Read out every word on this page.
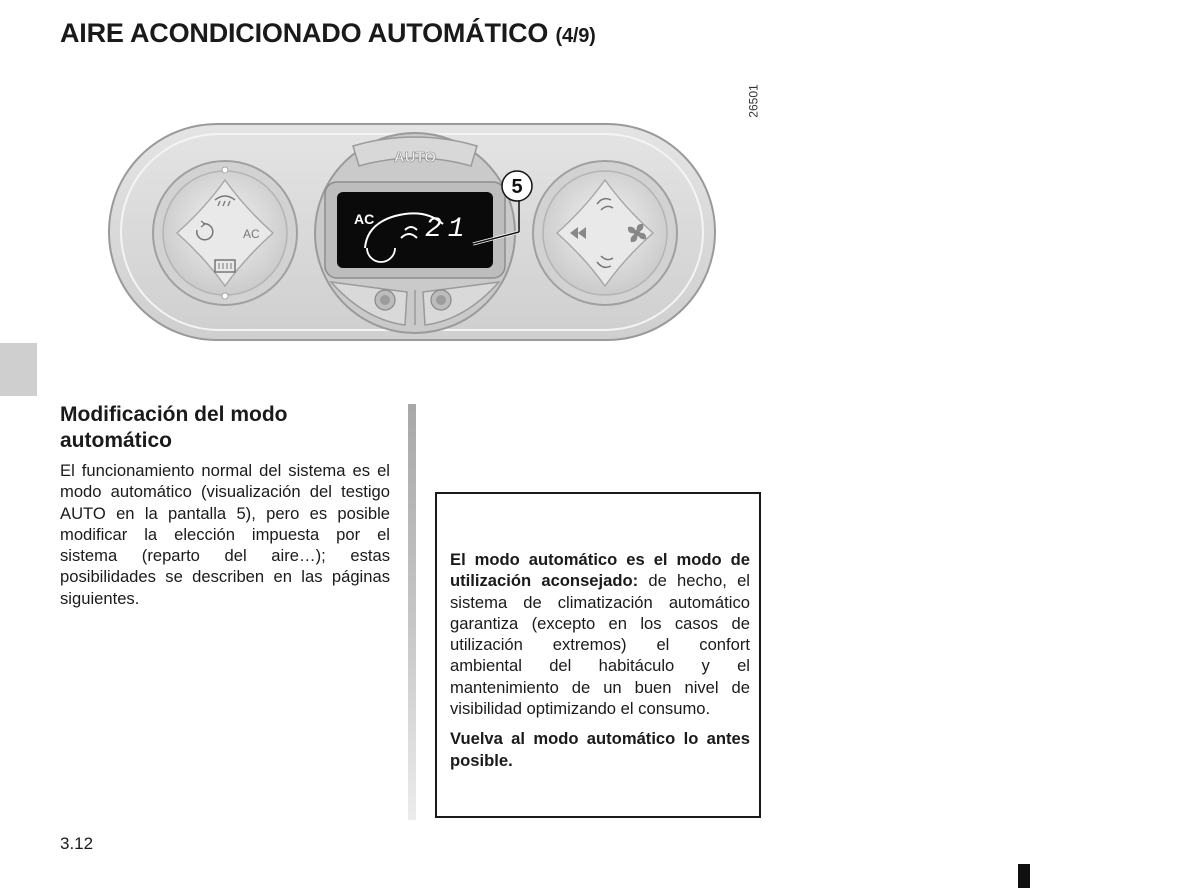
AIRE ACONDICIONADO AUTOMÁTICO (4/9)
26501
AC
AUTO
AC 21
5
Modificación del modo automático

El funcionamiento normal del sistema es el modo automático (visualización del testigo AUTO en la pantalla 5), pero es posible modificar la elección impuesta por el sistema (reparto del aire…); estas posibilidades se describen en las páginas siguientes.

El modo automático es el modo de utilización aconsejado: de hecho, el sistema de climatización automático garantiza (excepto en los casos de utilización extremos) el confort ambiental del habitáculo y el mantenimiento de un buen nivel de visibilidad optimizando el consumo.

Vuelva al modo automático lo antes posible.

3.12
